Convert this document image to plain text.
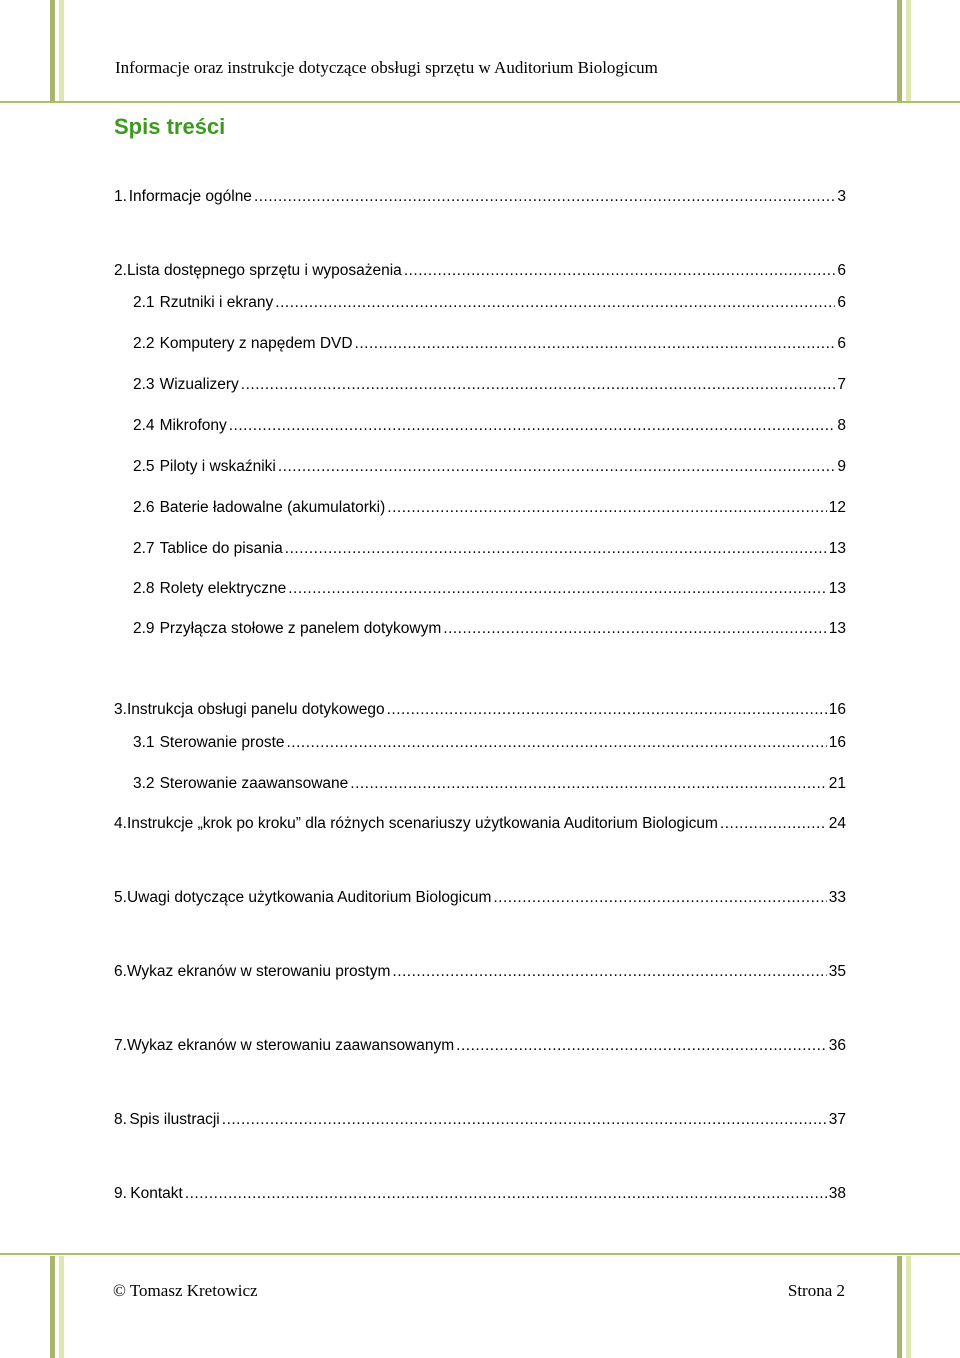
Informacje oraz instrukcje dotyczące obsługi sprzętu w Auditorium Biologicum
Spis treści
1. Informacje ogólne .....	3
2. Lista dostępnego sprzętu i wyposażenia .....	6
2.1 Rzutniki i ekrany .....	6
2.2 Komputery z napędem DVD .....	6
2.3 Wizualizery .....	7
2.4 Mikrofony .....	8
2.5 Piloty i wskaźniki .....	9
2.6 Baterie ładowalne (akumulatorki) .....	12
2.7 Tablice do pisania .....	13
2.8 Rolety elektryczne .....	13
2.9 Przyłącza stołowe z panelem dotykowym .....	13
3. Instrukcja obsługi panelu dotykowego .....	16
3.1 Sterowanie proste .....	16
3.2 Sterowanie zaawansowane .....	21
4. Instrukcje „krok po kroku” dla różnych scenariuszy użytkowania Auditorium Biologicum .....	24
5. Uwagi dotyczące użytkowania Auditorium Biologicum .....	33
6. Wykaz ekranów w sterowaniu prostym .....	35
7. Wykaz ekranów w sterowaniu zaawansowanym .....	36
8. Spis ilustracji .....	37
9. Kontakt .....	38
© Tomasz Kretowicz	Strona 2
